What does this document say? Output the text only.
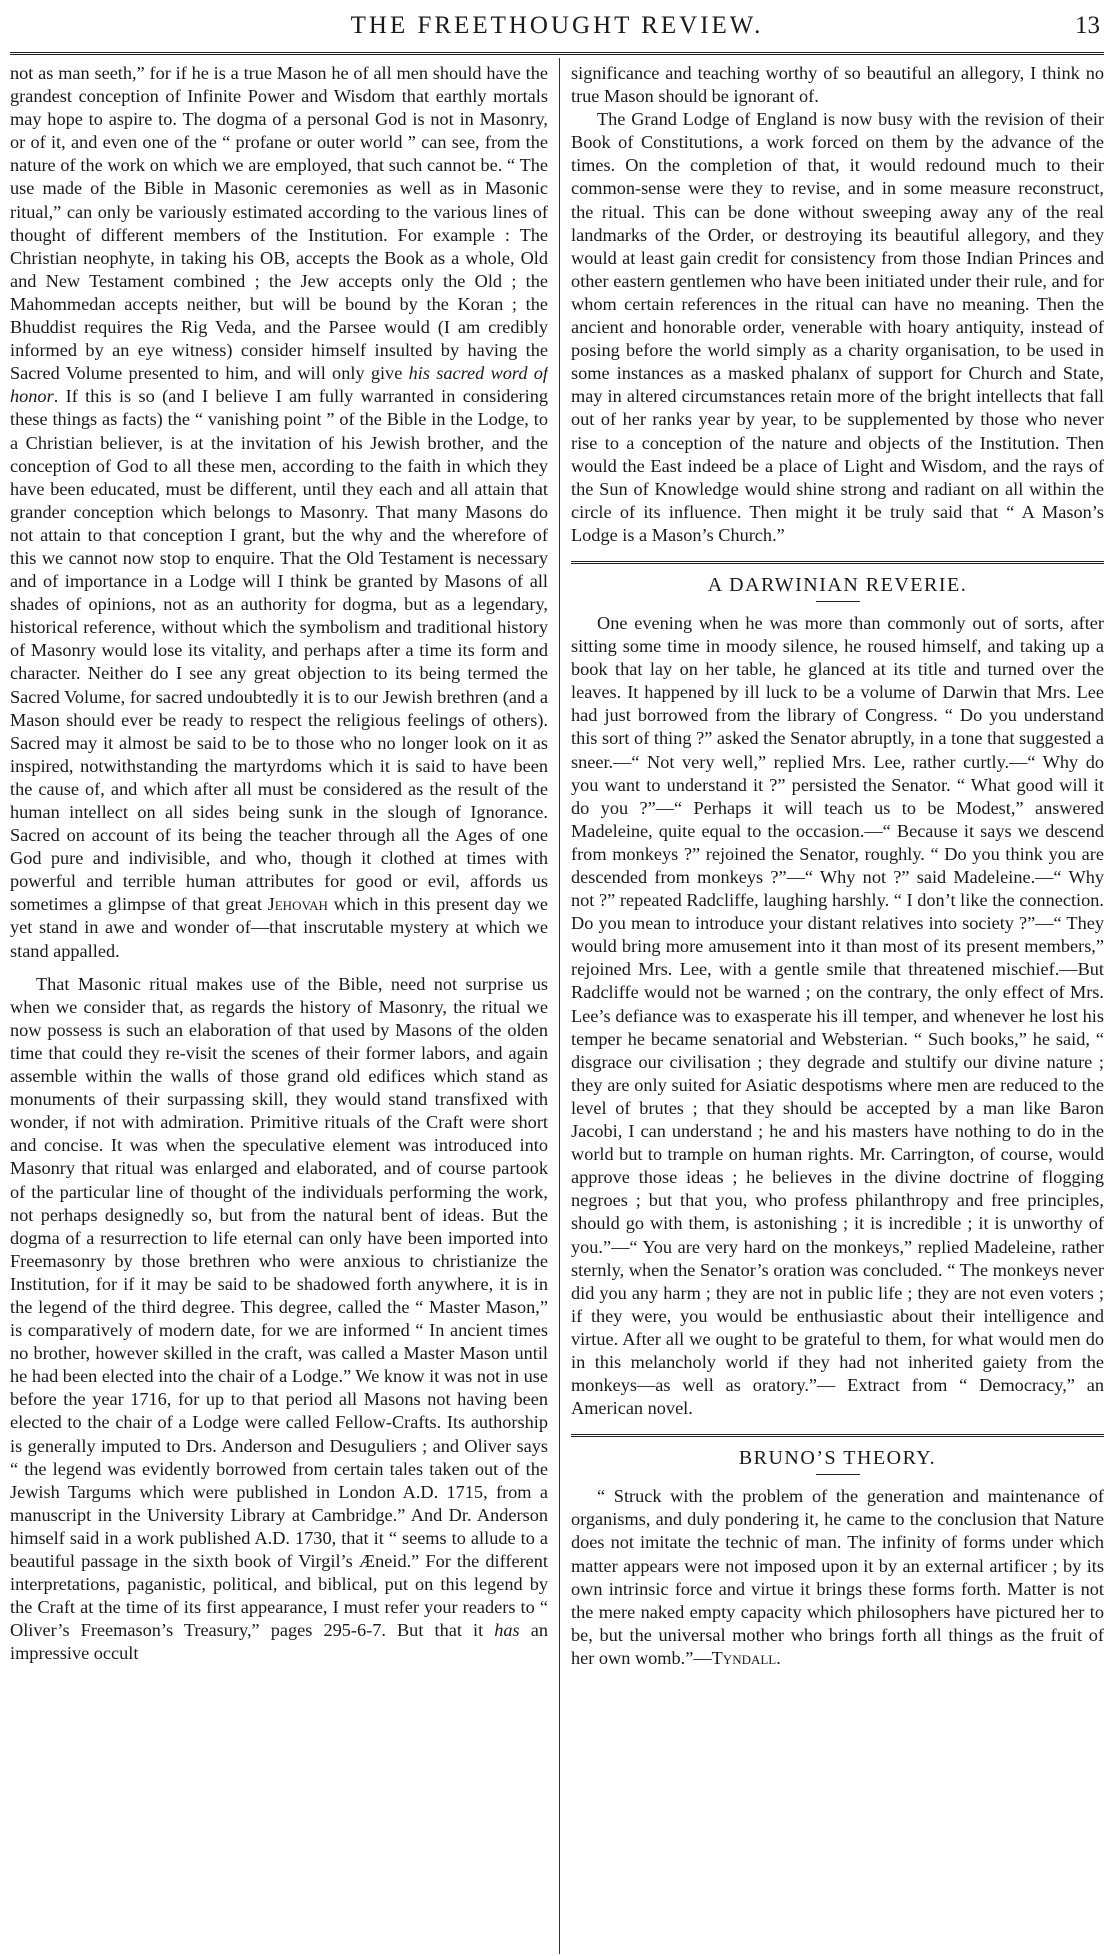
THE FREETHOUGHT REVIEW.	13

not as man seeth,” for if he is a true Mason he of all men should have the grandest conception of Infinite Power and Wisdom that earthly mortals may hope to aspire to. The dogma of a personal God is not in Masonry, or of it, and even one of the “ profane or outer world ” can see, from the nature of the work on which we are employed, that such cannot be. “ The use made of the Bible in Masonic ceremonies as well as in Masonic ritual,” can only be variously estimated according to the various lines of thought of different members of the Institution. For example : The Christian neophyte, in taking his OB, accepts the Book as a whole, Old and New Testament combined ; the Jew accepts only the Old ; the Mahommedan accepts neither, but will be bound by the Koran ; the Bhuddist requires the Rig Veda, and the Parsee would (I am credibly informed by an eye witness) consider himself insulted by having the Sacred Volume presented to him, and will only give his sacred word of honor. If this is so (and I believe I am fully warranted in considering these things as facts) the “ vanishing point ” of the Bible in the Lodge, to a Christian believer, is at the invitation of his Jewish brother, and the conception of God to all these men, according to the faith in which they have been educated, must be different, until they each and all attain that grander conception which belongs to Masonry. That many Masons do not attain to that conception I grant, but the why and the wherefore of this we cannot now stop to enquire. That the Old Testament is necessary and of importance in a Lodge will I think be granted by Masons of all shades of opinions, not as an authority for dogma, but as a legendary, historical reference, without which the symbolism and traditional history of Masonry would lose its vitality, and perhaps after a time its form and character. Neither do I see any great objection to its being termed the Sacred Volume, for sacred undoubtedly it is to our Jewish brethren (and a Mason should ever be ready to respect the religious feelings of others). Sacred may it almost be said to be to those who no longer look on it as inspired, notwithstanding the martyrdoms which it is said to have been the cause of, and which after all must be considered as the result of the human intellect on all sides being sunk in the slough of Ignorance. Sacred on account of its being the teacher through all the Ages of one God pure and indivisible, and who, though it clothed at times with powerful and terrible human attributes for good or evil, affords us sometimes a glimpse of that great Jehovah which in this present day we yet stand in awe and wonder of—that inscrutable mystery at which we stand appalled.

That Masonic ritual makes use of the Bible, need not surprise us when we consider that, as regards the history of Masonry, the ritual we now possess is such an elaboration of that used by Masons of the olden time that could they re-visit the scenes of their former labors, and again assemble within the walls of those grand old edifices which stand as monuments of their surpassing skill, they would stand transfixed with wonder, if not with admiration. Primitive rituals of the Craft were short and concise. It was when the speculative element was introduced into Masonry that ritual was enlarged and elaborated, and of course partook of the particular line of thought of the individuals performing the work, not perhaps designedly so, but from the natural bent of ideas. But the dogma of a resurrection to life eternal can only have been imported into Freemasonry by those brethren who were anxious to christianize the Institution, for if it may be said to be shadowed forth anywhere, it is in the legend of the third degree. This degree, called the “ Master Mason,” is comparatively of modern date, for we are informed “ In ancient times no brother, however skilled in the craft, was called a Master Mason until he had been elected into the chair of a Lodge.” We know it was not in use before the year 1716, for up to that period all Masons not having been elected to the chair of a Lodge were called Fellow-Crafts. Its authorship is generally imputed to Drs. Anderson and Desuguliers ; and Oliver says “ the legend was evidently borrowed from certain tales taken out of the Jewish Targums which were published in London A.D. 1715, from a manuscript in the University Library at Cambridge.” And Dr. Anderson himself said in a work published A.D. 1730, that it “ seems to allude to a beautiful passage in the sixth book of Virgil’s Æneid.” For the different interpretations, paganistic, political, and biblical, put on this legend by the Craft at the time of its first appearance, I must refer your readers to “ Oliver’s Freemason’s Treasury,” pages 295-6-7. But that it has an impressive occult

significance and teaching worthy of so beautiful an allegory, I think no true Mason should be ignorant of.

The Grand Lodge of England is now busy with the revision of their Book of Constitutions, a work forced on them by the advance of the times. On the completion of that, it would redound much to their common-sense were they to revise, and in some measure reconstruct, the ritual. This can be done without sweeping away any of the real landmarks of the Order, or destroying its beautiful allegory, and they would at least gain credit for consistency from those Indian Princes and other eastern gentlemen who have been initiated under their rule, and for whom certain references in the ritual can have no meaning. Then the ancient and honorable order, venerable with hoary antiquity, instead of posing before the world simply as a charity organisation, to be used in some instances as a masked phalanx of support for Church and State, may in altered circumstances retain more of the bright intellects that fall out of her ranks year by year, to be supplemented by those who never rise to a conception of the nature and objects of the Institution. Then would the East indeed be a place of Light and Wisdom, and the rays of the Sun of Knowledge would shine strong and radiant on all within the circle of its influence. Then might it be truly said that “ A Mason’s Lodge is a Mason’s Church.”

A DARWINIAN REVERIE.

One evening when he was more than commonly out of sorts, after sitting some time in moody silence, he roused himself, and taking up a book that lay on her table, he glanced at its title and turned over the leaves. It happened by ill luck to be a volume of Darwin that Mrs. Lee had just borrowed from the library of Congress. “ Do you understand this sort of thing ?” asked the Senator abruptly, in a tone that suggested a sneer.—“ Not very well,” replied Mrs. Lee, rather curtly.—“ Why do you want to understand it ?” persisted the Senator. “ What good will it do you ?”—“ Perhaps it will teach us to be Modest,” answered Madeleine, quite equal to the occasion.—“ Because it says we descend from monkeys ?” rejoined the Senator, roughly. “ Do you think you are descended from monkeys ?”—“ Why not ?” said Madeleine.—“ Why not ?” repeated Radcliffe, laughing harshly. “ I don’t like the connection. Do you mean to introduce your distant relatives into society ?”—“ They would bring more amusement into it than most of its present members,” rejoined Mrs. Lee, with a gentle smile that threatened mischief.—But Radcliffe would not be warned ; on the contrary, the only effect of Mrs. Lee’s defiance was to exasperate his ill temper, and whenever he lost his temper he became senatorial and Websterian. “ Such books,” he said, “ disgrace our civilisation ; they degrade and stultify our divine nature ; they are only suited for Asiatic despotisms where men are reduced to the level of brutes ; that they should be accepted by a man like Baron Jacobi, I can understand ; he and his masters have nothing to do in the world but to trample on human rights. Mr. Carrington, of course, would approve those ideas ; he believes in the divine doctrine of flogging negroes ; but that you, who profess philanthropy and free principles, should go with them, is astonishing ; it is incredible ; it is unworthy of you.”—“ You are very hard on the monkeys,” replied Madeleine, rather sternly, when the Senator’s oration was concluded. “ The monkeys never did you any harm ; they are not in public life ; they are not even voters ; if they were, you would be enthusiastic about their intelligence and virtue. After all we ought to be grateful to them, for what would men do in this melancholy world if they had not inherited gaiety from the monkeys—as well as oratory.”— Extract from “ Democracy,” an American novel.

BRUNO’S THEORY.

“ Struck with the problem of the generation and maintenance of organisms, and duly pondering it, he came to the conclusion that Nature does not imitate the technic of man. The infinity of forms under which matter appears were not imposed upon it by an external artificer ; by its own intrinsic force and virtue it brings these forms forth. Matter is not the mere naked empty capacity which philosophers have pictured her to be, but the universal mother who brings forth all things as the fruit of her own womb.”—Tyndall.
